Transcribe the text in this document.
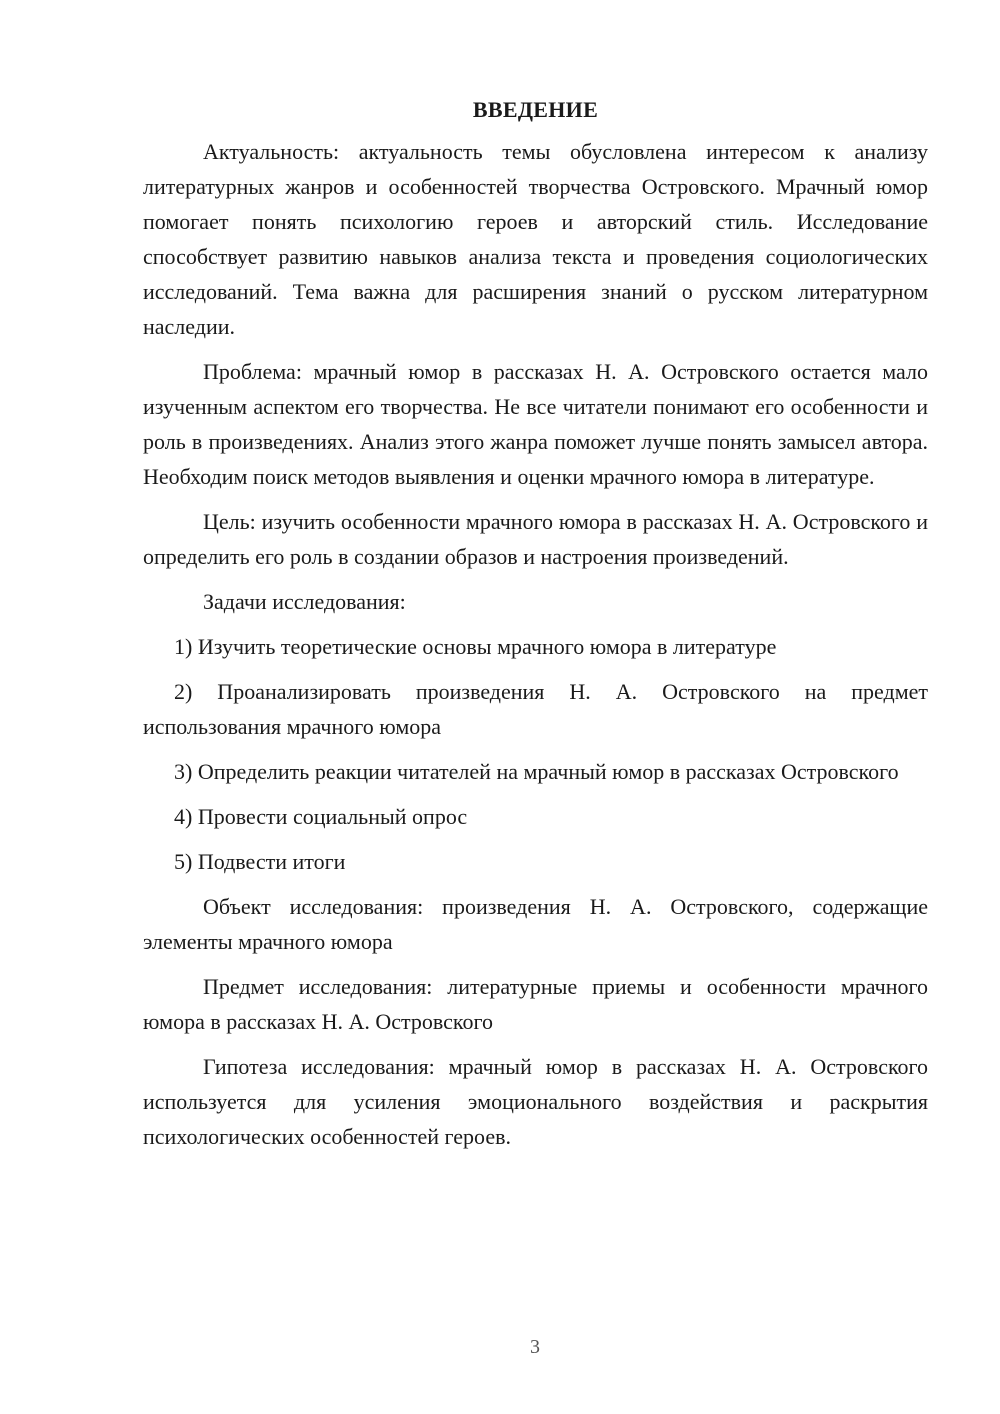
ВВЕДЕНИЕ

Актуальность: актуальность темы обусловлена интересом к анализу литературных жанров и особенностей творчества Островского. Мрачный юмор помогает понять психологию героев и авторский стиль. Исследование способствует развитию навыков анализа текста и проведения социологических исследований. Тема важна для расширения знаний о русском литературном наследии.

Проблема: мрачный юмор в рассказах Н. А. Островского остается мало изученным аспектом его творчества. Не все читатели понимают его особенности и роль в произведениях. Анализ этого жанра поможет лучше понять замысел автора. Необходим поиск методов выявления и оценки мрачного юмора в литературе.

Цель: изучить особенности мрачного юмора в рассказах Н. А. Островского и определить его роль в создании образов и настроения произведений.

Задачи исследования:

1) Изучить теоретические основы мрачного юмора в литературе

2) Проанализировать произведения Н. А. Островского на предмет использования мрачного юмора

3) Определить реакции читателей на мрачный юмор в рассказах Островского

4) Провести социальный опрос

5) Подвести итоги

Объект исследования: произведения Н. А. Островского, содержащие элементы мрачного юмора

Предмет исследования: литературные приемы и особенности мрачного юмора в рассказах Н. А. Островского

Гипотеза исследования: мрачный юмор в рассказах Н. А. Островского используется для усиления эмоционального воздействия и раскрытия психологических особенностей героев.

3
